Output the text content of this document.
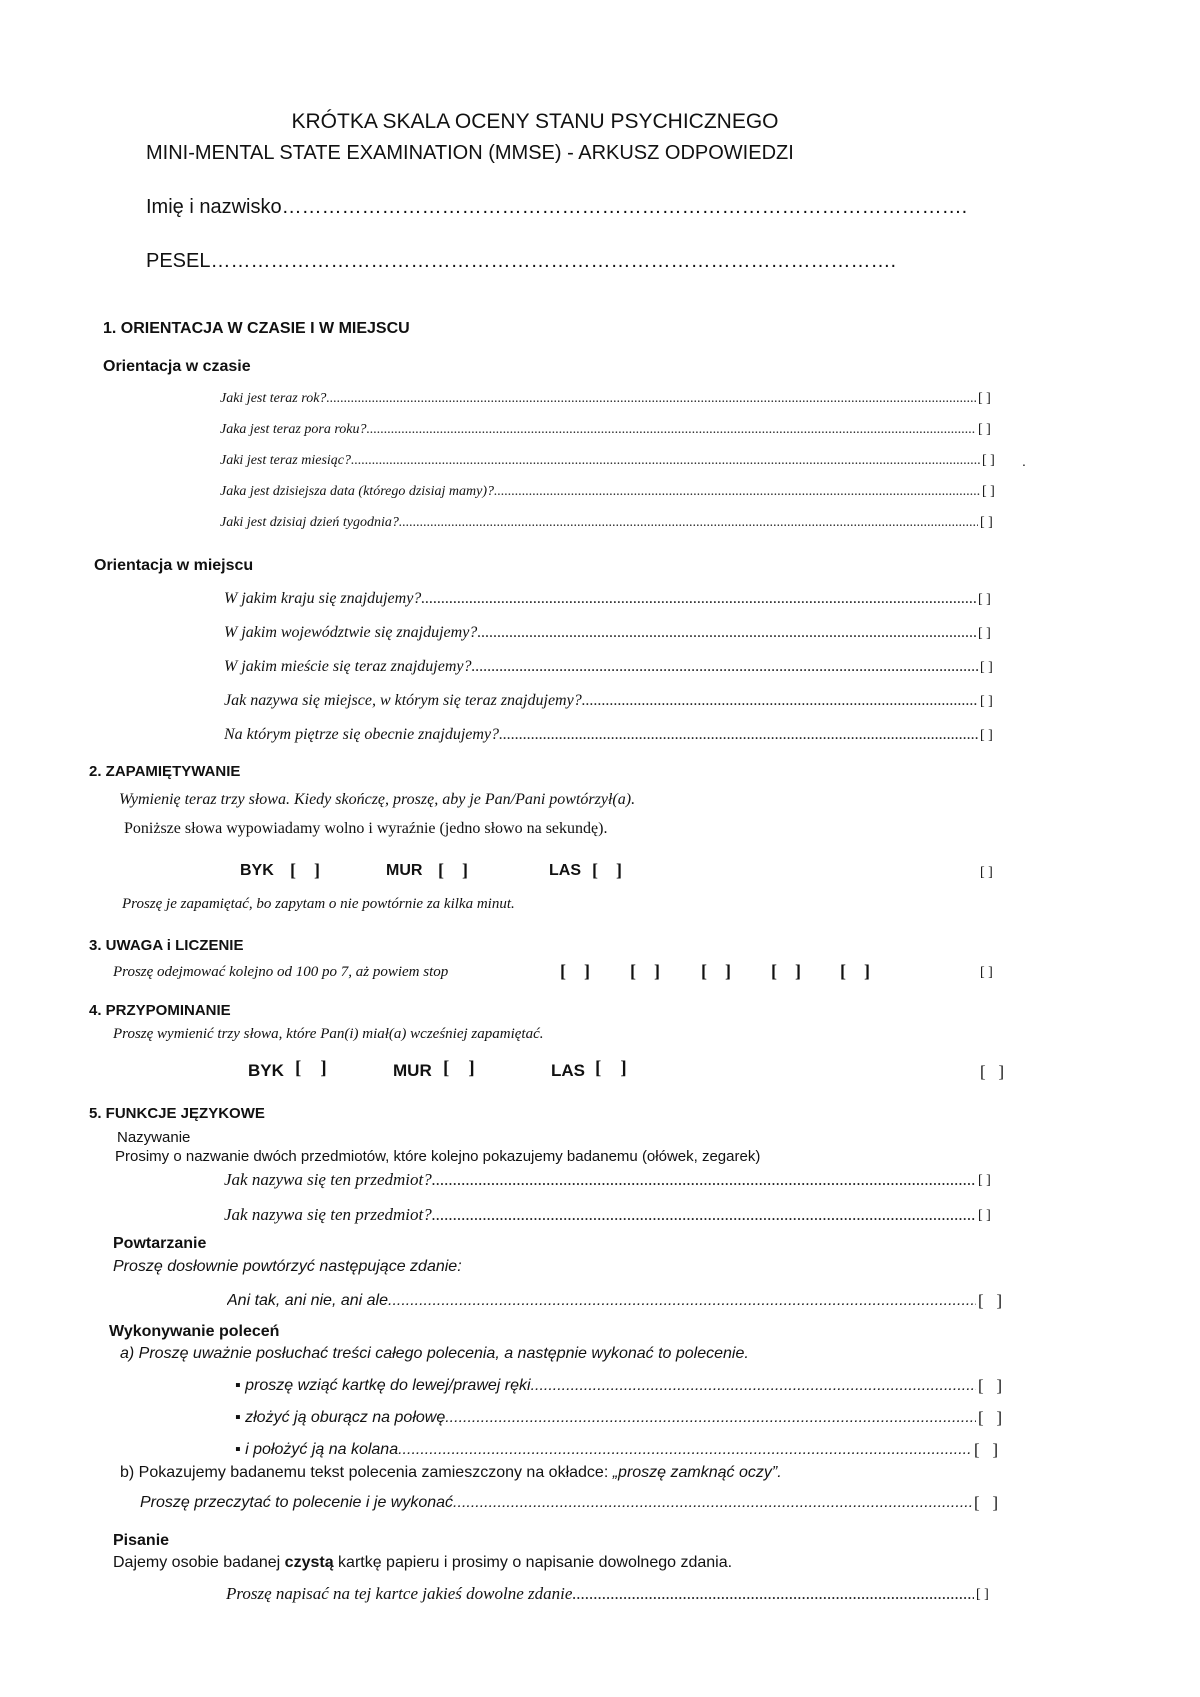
KRÓTKA SKALA OCENY STANU PSYCHICZNEGO
MINI-MENTAL STATE EXAMINATION (MMSE) - ARKUSZ ODPOWIEDZI
Imię i nazwisko………………………………………………………………………………………….
PESEL………………………………………………………………………………………….
1. ORIENTACJA W CZASIE I W MIEJSCU
Orientacja w czasie
Jaki jest teraz rok? .....	[ ]
Jaka jest teraz pora roku? .....	[ ]
Jaki jest teraz miesiąc? .....	[ ] .
Jaka jest dzisiejsza data (którego dzisiaj mamy)? .....	[ ]
Jaki jest dzisiaj dzień tygodnia? .....	[ ]
Orientacja w miejscu
W jakim kraju się znajdujemy? .....	[ ]
W jakim województwie się znajdujemy? .....	[ ]
W jakim mieście się teraz znajdujemy? .....	[ ]
Jak nazywa się miejsce, w którym się teraz znajdujemy? .....	[ ]
Na którym piętrze się obecnie znajdujemy? .....	[ ]
2. ZAPAMIĘTYWANIE
Wymienię teraz trzy słowa. Kiedy skończę, proszę, aby je Pan/Pani powtórzył(a).
Poniższe słowa wypowiadamy wolno i wyraźnie (jedno słowo na sekundę).
BYK [    ]	MUR [    ]	LAS [    ]	[ ]
Proszę je zapamiętać, bo zapytam o nie powtórnie za kilka minut.
3. UWAGA i LICZENIE
Proszę odejmować kolejno od 100 po 7, aż powiem stop	[    ] [    ] [    ] [    ] [    ]	[ ]
4. PRZYPOMINANIE
Proszę wymienić trzy słowa, które Pan(i) miał(a) wcześniej zapamiętać.
BYK [    ]	MUR [    ]	LAS [    ]	[   ]
5. FUNKCJE JĘZYKOWE
Nazywanie
Prosimy o nazwanie dwóch przedmiotów, które kolejno pokazujemy badanemu (ołówek, zegarek)
Jak nazywa się ten przedmiot? .....	[ ]
Jak nazywa się ten przedmiot? .....	[ ]
Powtarzanie
Proszę dosłownie powtórzyć następujące zdanie:
Ani tak, ani nie, ani ale. .....	[   ]
Wykonywanie poleceń
a) Proszę uważnie posłuchać treści całego polecenia, a następnie wykonać to polecenie.
▪ proszę wziąć kartkę do lewej/prawej ręki .....	[   ]
▪ złożyć ją oburącz na połowę .....	[   ]
▪ i położyć ją na kolana .....	[   ]
b) Pokazujemy badanemu tekst polecenia zamieszczony na okładce: „proszę zamknąć oczy”.
Proszę przeczytać to polecenie i je wykonać .....	[   ]
Pisanie
Dajemy osobie badanej czystą kartkę papieru i prosimy o napisanie dowolnego zdania.
Proszę napisać na tej kartce jakieś dowolne zdanie .....	[ ]
